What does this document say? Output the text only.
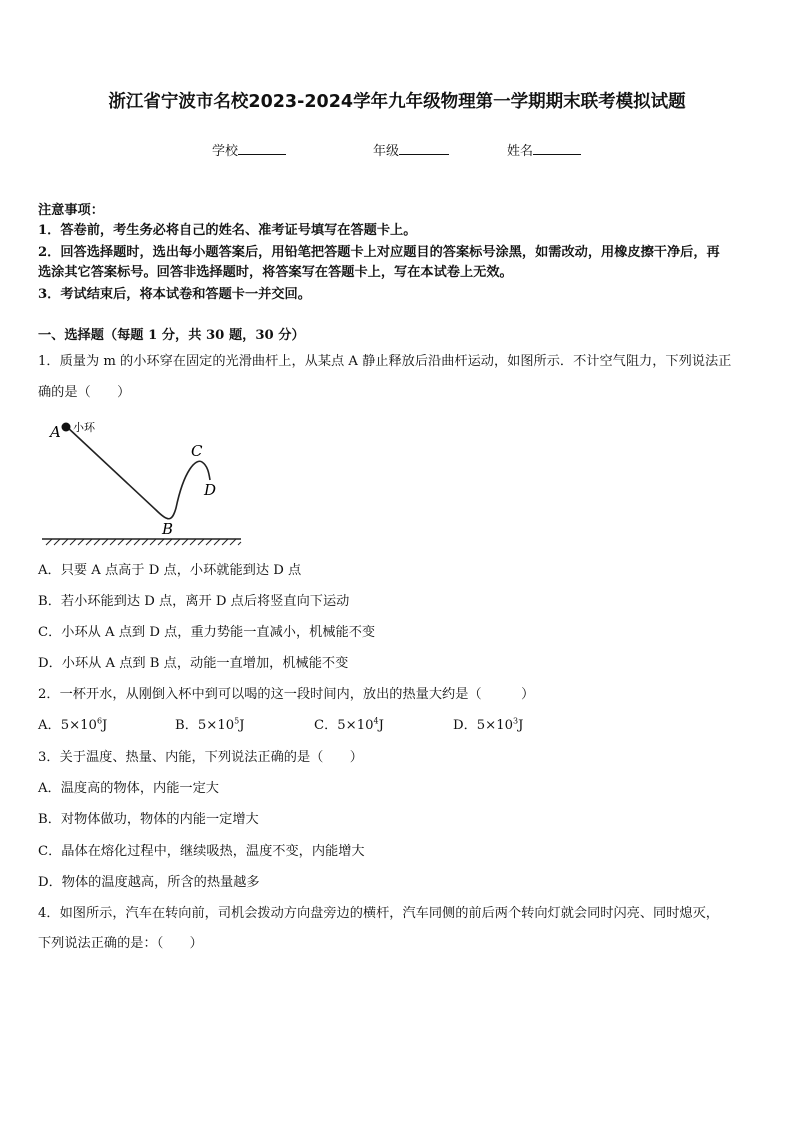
浙江省宁波市名校2023-2024学年九年级物理第一学期期末联考模拟试题
学校	年级	姓名
注意事项：
1．答卷前，考生务必将自己的姓名、准考证号填写在答题卡上。
2．回答选择题时，选出每小题答案后，用铅笔把答题卡上对应题目的答案标号涂黑，如需改动，用橡皮擦干净后，再
选涂其它答案标号。回答非选择题时，将答案写在答题卡上，写在本试卷上无效。
3．考试结束后，将本试卷和答题卡一并交回。
一、选择题（每题 1 分，共 30 题，30 分）
1．质量为 m 的小环穿在固定的光滑曲杆上，从某点 A 静止释放后沿曲杆运动，如图所示．不计空气阻力，下列说法正
确的是（　　）
A 小环
B
C
D
A．只要 A 点高于 D 点，小环就能到达 D 点
B．若小环能到达 D 点，离开 D 点后将竖直向下运动
C．小环从 A 点到 D 点，重力势能一直减小，机械能不变
D．小环从 A 点到 B 点，动能一直增加，机械能不变
2．一杯开水，从刚倒入杯中到可以喝的这一段时间内，放出的热量大约是（　　　）
A．$5\times 10^6J$	B．$5\times 10^5J$	C．$5\times 10^4J$	D．$5\times 10^3J$
3．关于温度、热量、内能，下列说法正确的是（　　）
A．温度高的物体，内能一定大
B．对物体做功，物体的内能一定增大
C．晶体在熔化过程中，继续吸热，温度不变，内能增大
D．物体的温度越高，所含的热量越多
4．如图所示，汽车在转向前，司机会拨动方向盘旁边的横杆，汽车同侧的前后两个转向灯就会同时闪亮、同时熄灭，
下列说法正确的是：（　　）
